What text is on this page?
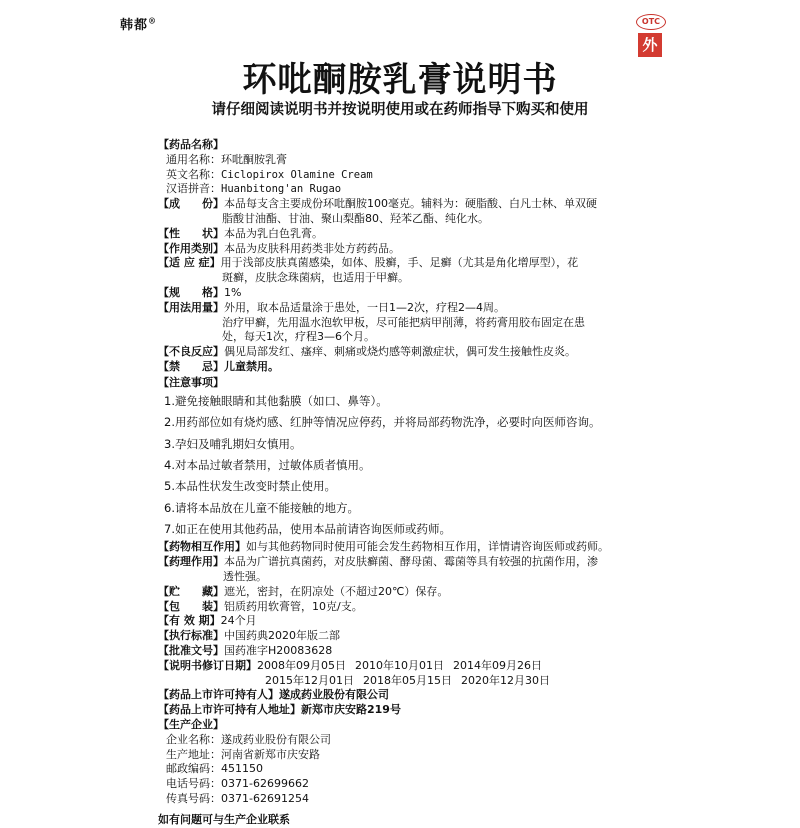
韩都®	OTC
外
环吡酮胺乳膏说明书
请仔细阅读说明书并按说明使用或在药师指导下购买和使用
【药品名称】
通用名称： 环吡酮胺乳膏
英文名称： Ciclopirox Olamine Cream
汉语拼音： Huanbitong'an Rugao
【成　　份】 本品每支含主要成份环吡酮胺100毫克。辅料为：硬脂酸、白凡士林、单双硬
脂酸甘油酯、甘油、聚山梨酯80、羟苯乙酯、纯化水。
【性　　状】 本品为乳白色乳膏。
【作用类别】 本品为皮肤科用药类非处方药药品。
【适 应 症】 用于浅部皮肤真菌感染，如体、股癣，手、足癣（尤其是角化增厚型），花
斑癣，皮肤念珠菌病，也适用于甲癣。
【规　　格】 1%
【用法用量】 外用，取本品适量涂于患处，一日1—2次，疗程2—4周。
治疗甲癣，先用温水泡软甲板，尽可能把病甲削薄，将药膏用胶布固定在患
处，每天1次，疗程3—6个月。
【不良反应】 偶见局部发红、瘙痒、刺痛或烧灼感等刺激症状，偶可发生接触性皮炎。
【禁　　忌】 儿童禁用。
【注意事项】
1.避免接触眼睛和其他黏膜（如口、鼻等）。
2.用药部位如有烧灼感、红肿等情况应停药，并将局部药物洗净，必要时向医师咨询。
3.孕妇及哺乳期妇女慎用。
4.对本品过敏者禁用，过敏体质者慎用。
5.本品性状发生改变时禁止使用。
6.请将本品放在儿童不能接触的地方。
7.如正在使用其他药品，使用本品前请咨询医师或药师。
【药物相互作用】 如与其他药物同时使用可能会发生药物相互作用，详情请咨询医师或药师。
【药理作用】 本品为广谱抗真菌药，对皮肤癣菌、酵母菌、霉菌等具有较强的抗菌作用，渗
透性强。
【贮　　藏】 遮光，密封，在阴凉处（不超过20℃）保存。
【包　　装】 铝质药用软膏管，10克/支。
【有 效 期】 24个月
【执行标准】 中国药典2020年版二部
【批准文号】 国药准字H20083628
【说明书修订日期】 2008年09月05日 2010年10月01日 2014年09月26日
2015年12月01日 2018年05月15日 2020年12月30日
【药品上市许可持有人】 遂成药业股份有限公司
【药品上市许可持有人地址】 新郑市庆安路219号
【生产企业】
企业名称： 遂成药业股份有限公司
生产地址： 河南省新郑市庆安路
邮政编码： 451150
电话号码： 0371-62699662
传真号码： 0371-62691254
如有问题可与生产企业联系
